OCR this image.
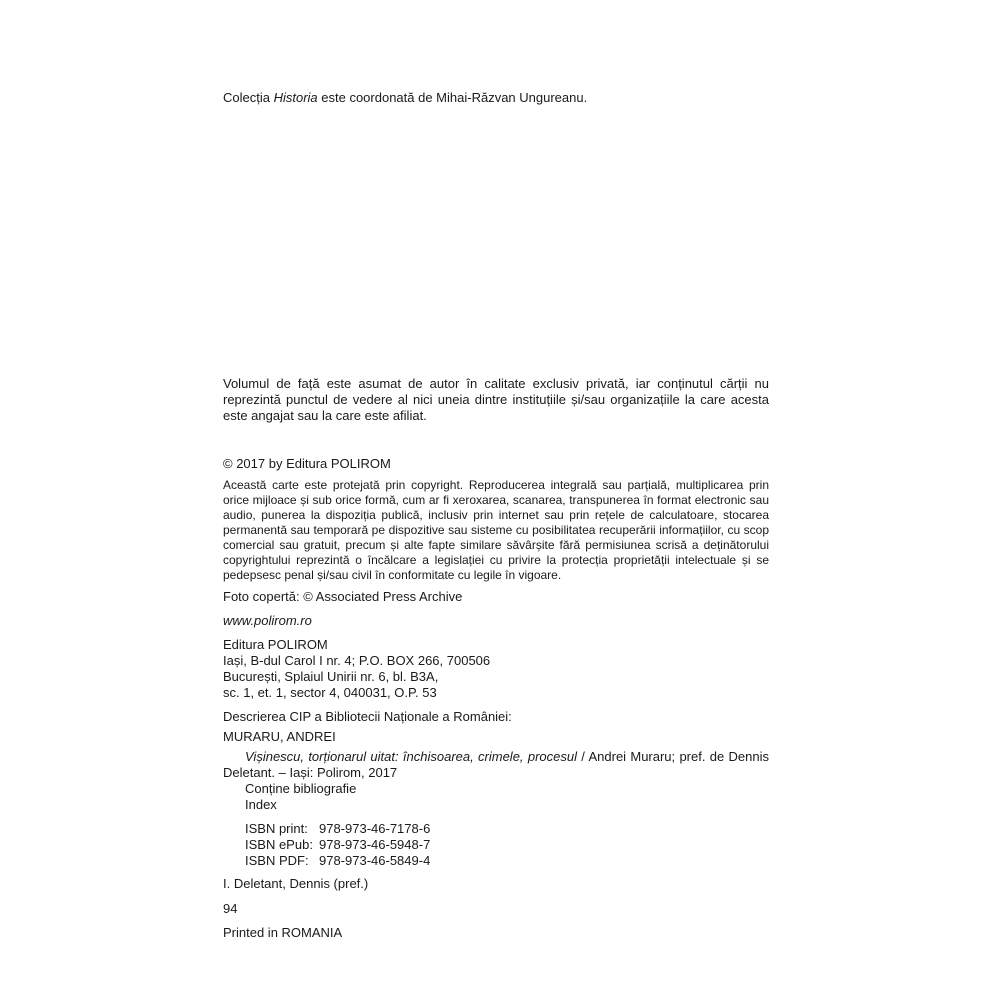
Colecția Historia este coordonată de Mihai-Răzvan Ungureanu.
Volumul de față este asumat de autor în calitate exclusiv privată, iar conținutul cărții nu reprezintă punctul de vedere al nici uneia dintre instituțiile și/sau organizațiile la care acesta este angajat sau la care este afiliat.
© 2017 by Editura POLIROM
Această carte este protejată prin copyright. Reproducerea integrală sau parțială, multiplicarea prin orice mijloace și sub orice formă, cum ar fi xeroxarea, scanarea, transpunerea în format electronic sau audio, punerea la dispoziția publică, inclusiv prin internet sau prin rețele de calculatoare, stocarea permanentă sau temporară pe dispozitive sau sisteme cu posibilitatea recuperării informațiilor, cu scop comercial sau gratuit, precum și alte fapte similare săvârșite fără permisiunea scrisă a deținătorului copyrightului reprezintă o încălcare a legislației cu privire la protecția proprietății intelectuale și se pedepsesc penal și/sau civil în conformitate cu legile în vigoare.
Foto copertă: © Associated Press Archive
www.polirom.ro
Editura POLIROM
Iași, B-dul Carol I nr. 4; P.O. BOX 266, 700506
București, Splaiul Unirii nr. 6, bl. B3A,
sc. 1, et. 1, sector 4, 040031, O.P. 53
Descrierea CIP a Bibliotecii Naționale a României:
MURARU, ANDREI
Vișinescu, torționarul uitat: închisoarea, crimele, procesul / Andrei Muraru; pref. de Dennis Deletant. – Iași: Polirom, 2017
Conține bibliografie
Index
ISBN print: 978-973-46-7178-6
ISBN ePub: 978-973-46-5948-7
ISBN PDF: 978-973-46-5849-4
I. Deletant, Dennis (pref.)
94
Printed in ROMANIA
